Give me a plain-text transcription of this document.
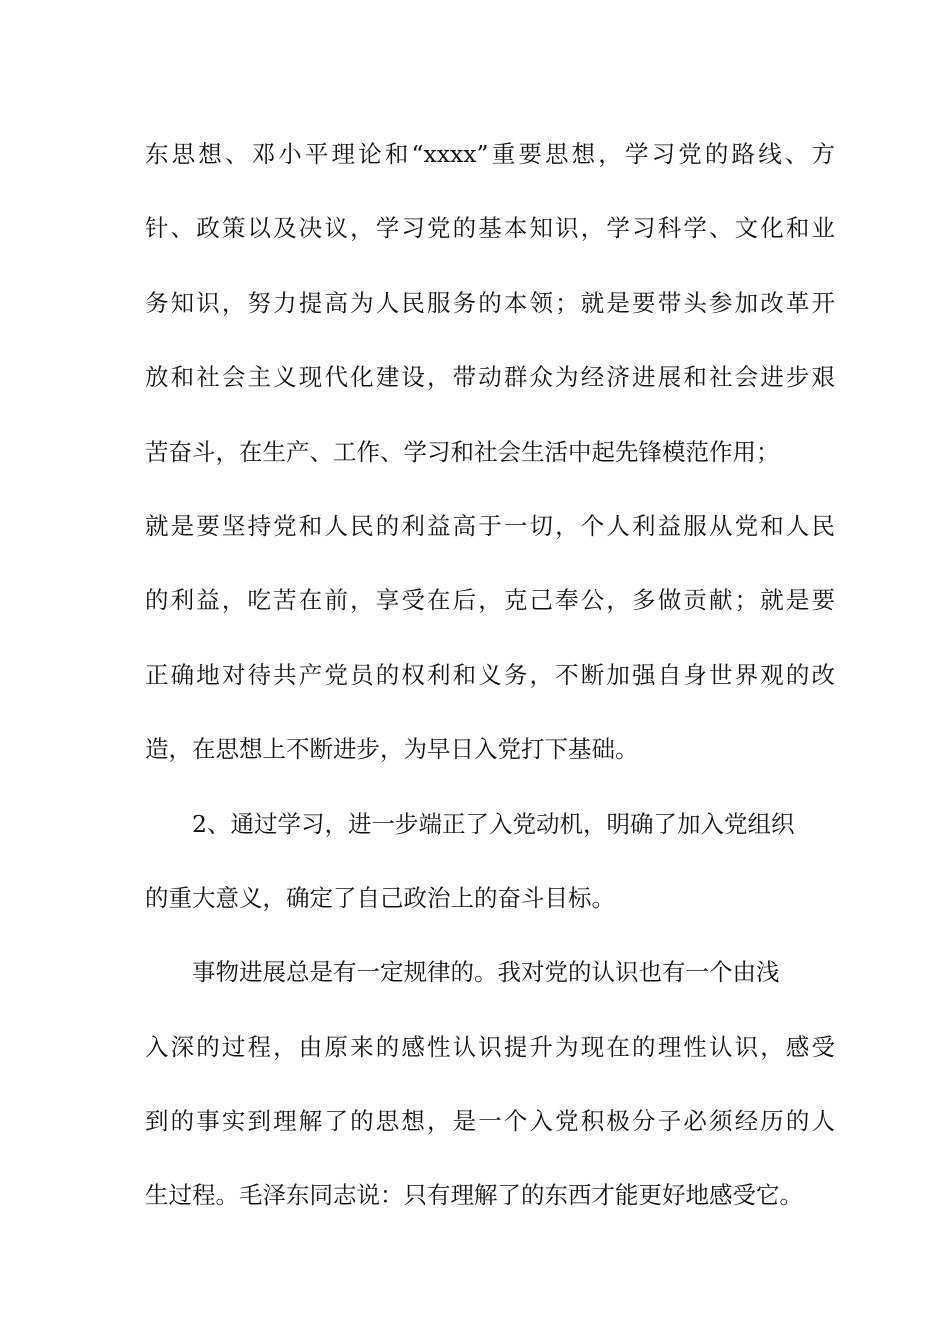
东思想、邓小平理论和“xxxx”重要思想，学习党的路线、方
针、政策以及决议，学习党的基本知识，学习科学、文化和业
务知识，努力提高为人民服务的本领；就是要带头参加改革开
放和社会主义现代化建设，带动群众为经济进展和社会进步艰
苦奋斗，在生产、工作、学习和社会生活中起先锋模范作用；
就是要坚持党和人民的利益高于一切，个人利益服从党和人民
的利益，吃苦在前，享受在后，克己奉公，多做贡献；就是要
正确地对待共产党员的权利和义务，不断加强自身世界观的改
造，在思想上不断进步，为早日入党打下基础。
2、通过学习，进一步端正了入党动机，明确了加入党组织
的重大意义，确定了自己政治上的奋斗目标。
事物进展总是有一定规律的。我对党的认识也有一个由浅
入深的过程，由原来的感性认识提升为现在的理性认识，感受
到的事实到理解了的思想，是一个入党积极分子必须经历的人
生过程。毛泽东同志说：只有理解了的东西才能更好地感受它。
